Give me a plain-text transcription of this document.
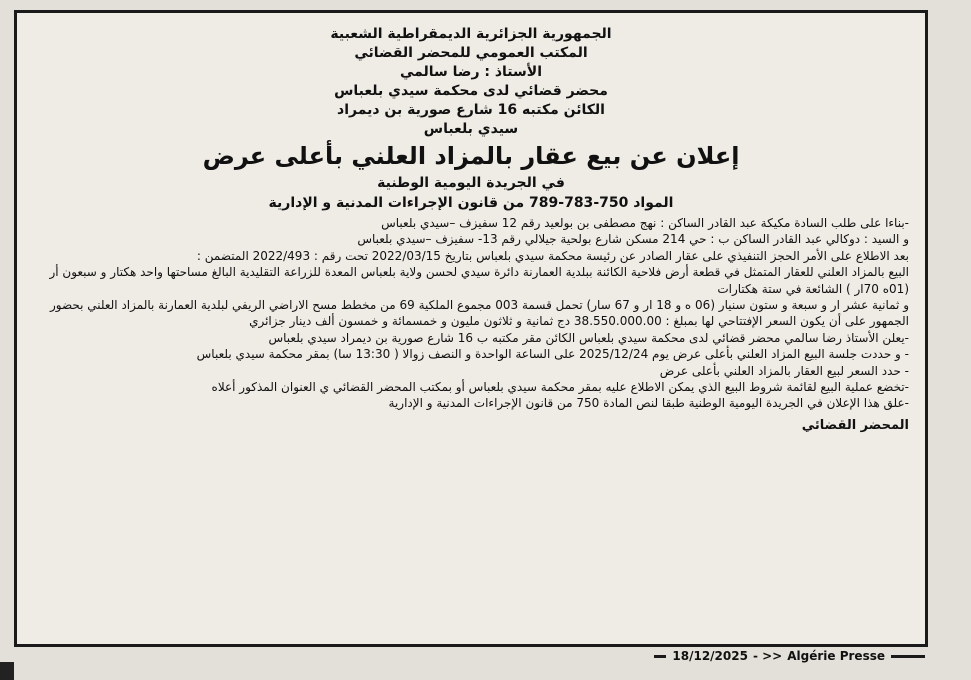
الجمهورية الجزائرية الديمقراطية الشعبية

المكتب العمومي للمحضر القضائي

الأستاذ : رضا سالمي

محضر قضائي لدى محكمة سيدي بلعباس

الكائن مكتبه 16 شارع صورية بن ديمراد

سيدي بلعباس

إعلان عن بيع عقار بالمزاد العلني بأعلى عرض

في الجريدة اليومية الوطنية

المواد 750-783-789 من قانون الإجراءات المدنية و الإدارية

-بناءا على طلب السادة مكيكة عبد القادر الساكن : نهج مصطفى بن بولعيد رقم 12 سفيزف –سيدي بلعباس

و السيد : دوكالي عبد القادر الساكن ب : حي 214 مسكن شارع بولحية جيلالي رقم 13- سفيزف –سيدي بلعباس

بعد الاطلاع على الأمر الحجز التنفيذي على عقار الصادر عن رئيسة محكمة سيدي بلعباس بتاريخ 2022/03/15 تحت رقم : 2022/493 المتضمن :

البيع بالمزاد العلني للعقار المتمثل في قطعة أرض فلاحية الكائنة ببلدية العمارنة دائرة سيدي لحسن ولاية بلعباس المعدة للزراعة التقليدية البالغ مساحتها واحد هكتار و سبعون أر (01ه 70ار ) الشائعة في ستة هكتارات

و ثمانية عشر ار و سبعة و ستون سنيار (06 ه و 18 ار و 67 سار) تحمل قسمة 003 مجموع الملكية 69 من مخطط مسح الاراضي الريفي لبلدية العمارنة بالمزاد العلني بحضور الجمهور على أن يكون السعر الإفتتاحي لها بمبلغ : 38.550.000.00 دج ثمانية و ثلاثون مليون و خمسمائة و خمسون ألف دينار جزائري

-يعلن الأستاذ رضا سالمي محضر قضائي لدى محكمة سيدي بلعباس الكائن مقر مكتبه ب 16 شارع صورية بن ديمراد سيدي بلعباس

- و حددت جلسة البيع المزاد العلني بأعلى عرض يوم 2025/12/24 على الساعة الواحدة و النصف زوالا ( 13:30 سا) بمقر محكمة سيدي بلعباس

- حدد السعر لبيع العقار بالمزاد العلني بأعلى عرض

-تخضع عملية البيع لقائمة شروط البيع الذي يمكن الاطلاع عليه بمقر محكمة سيدي بلعباس أو بمكتب المحضر القضائي ي العنوان المذكور أعلاه

-علق هذا الإعلان في الجريدة اليومية الوطنية طبقا لنص المادة 750 من قانون الإجراءات المدنية و الإدارية

المحضر القضائي
18/12/2025 - >> Algérie Presse
